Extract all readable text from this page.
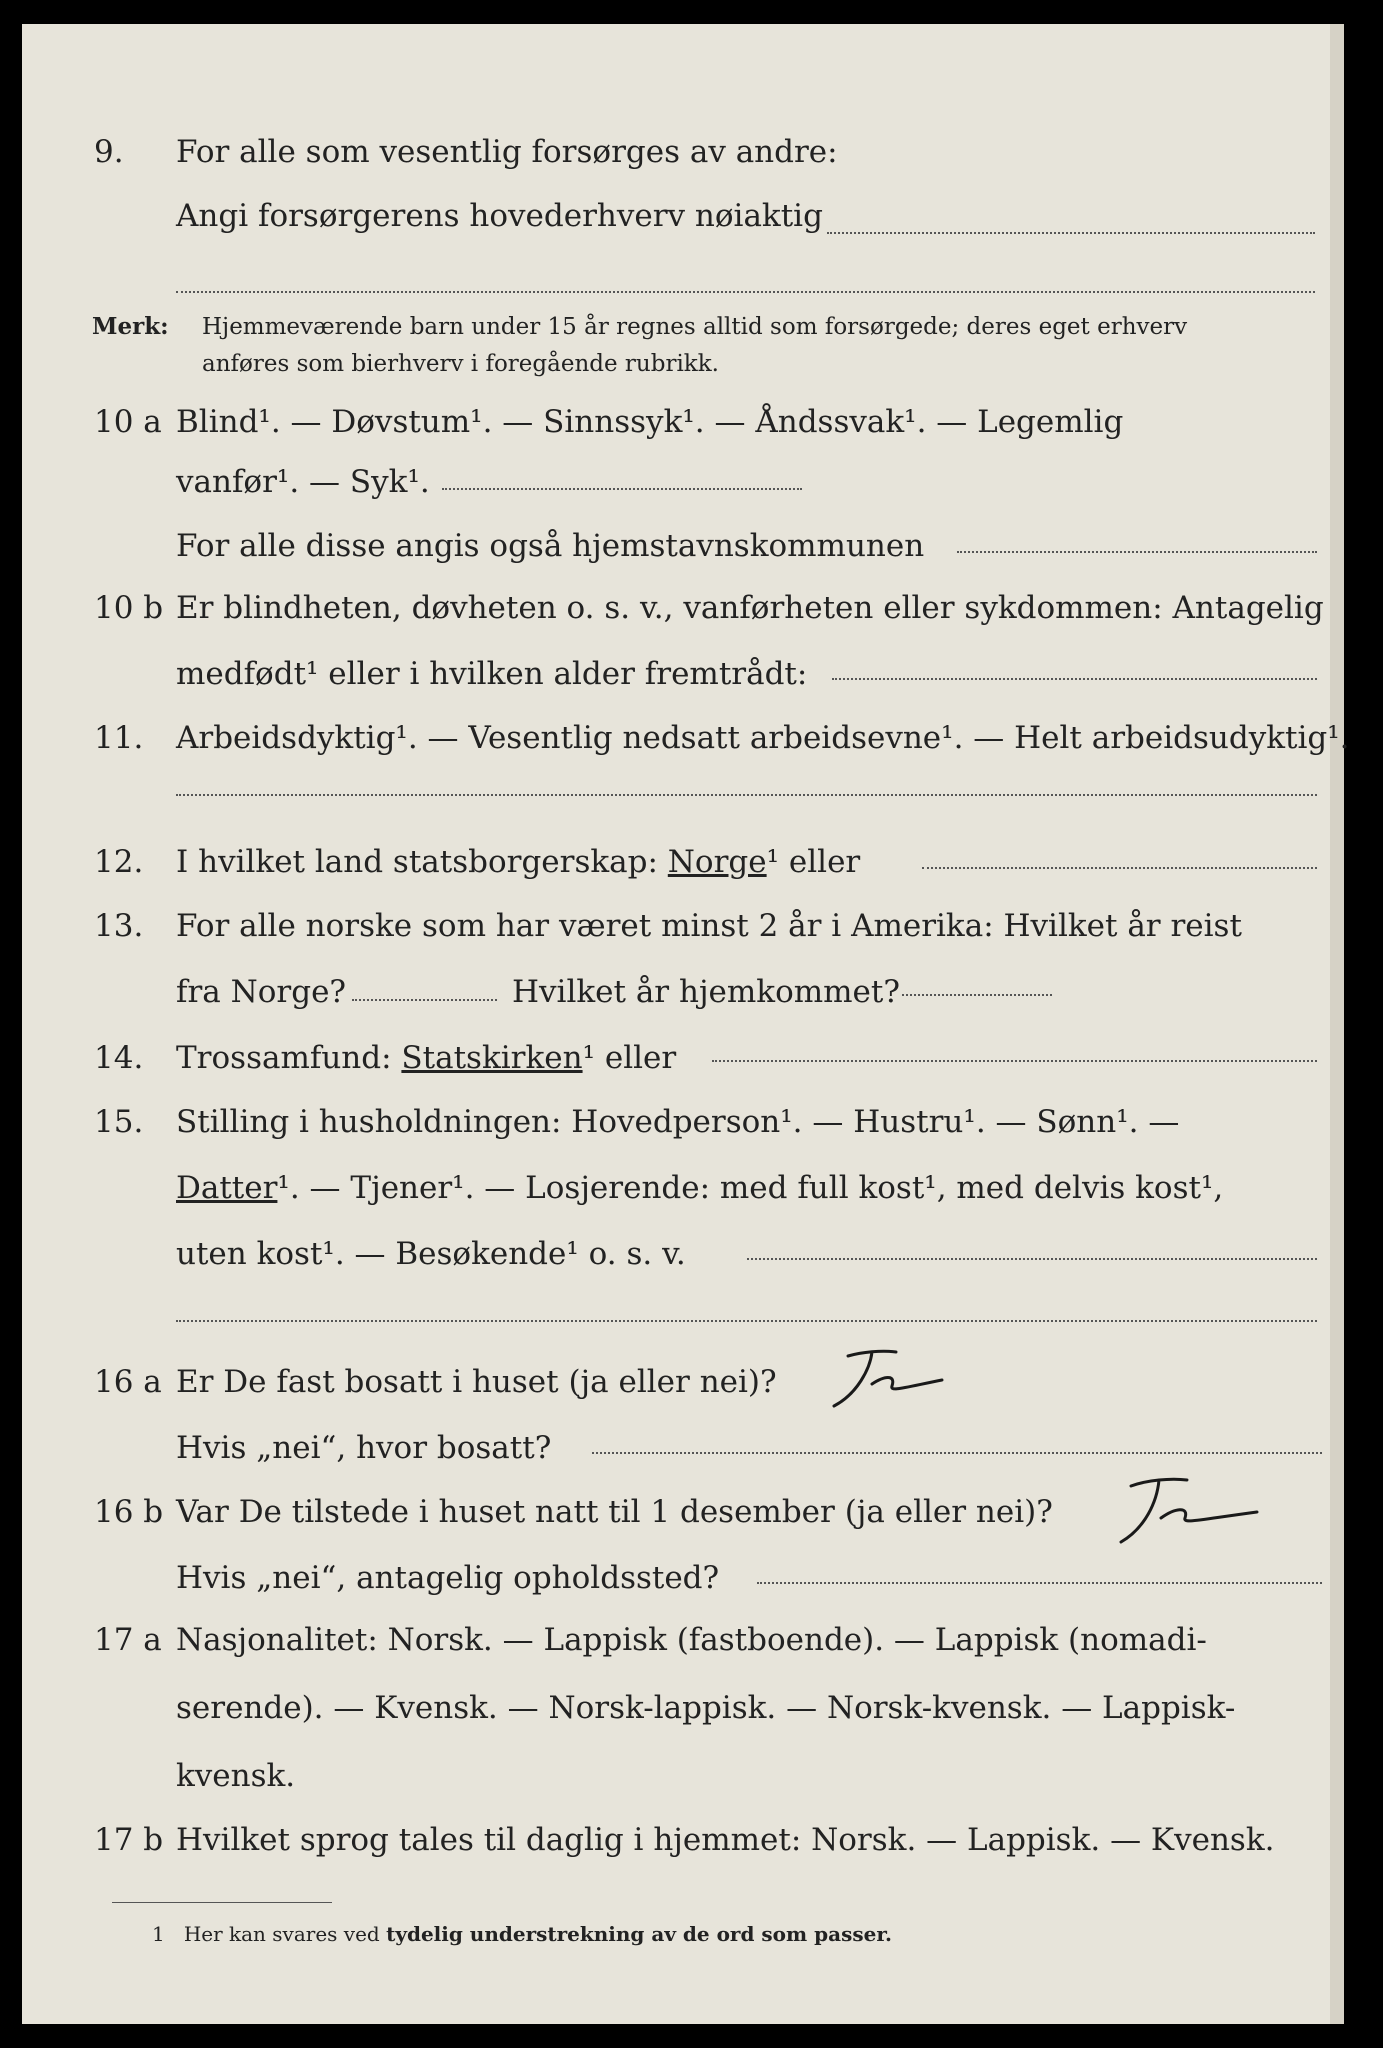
9. For alle som vesentlig forsørges av andre:
Angi forsørgerens hovederhverv nøiaktig
Merk: Hjemmeværende barn under 15 år regnes alltid som forsørgede; deres eget erhverv
anføres som bierhverv i foregående rubrikk.
10 a Blind¹. — Døvstum¹. — Sinnssyk¹. — Åndssvak¹. — Legemlig
vanfør¹. — Syk¹.
For alle disse angis også hjemstavnskommunen
10 b Er blindheten, døvheten o. s. v., vanførheten eller sykdommen: Antagelig
medfødt¹ eller i hvilken alder fremtrådt:
11. Arbeidsdyktig¹. — Vesentlig nedsatt arbeidsevne¹. — Helt arbeidsudyktig¹.
12. I hvilket land statsborgerskap: Norge¹ eller
13. For alle norske som har været minst 2 år i Amerika: Hvilket år reist
fra Norge?	Hvilket år hjemkommet?
14. Trossamfund: Statskirken¹ eller
15. Stilling i husholdningen: Hovedperson¹. — Hustru¹. — Sønn¹. —
Datter¹. — Tjener¹. — Losjerende: med full kost¹, med delvis kost¹,
uten kost¹. — Besøkende¹ o. s. v.
16 a Er De fast bosatt i huset (ja eller nei)?
Hvis „nei“, hvor bosatt?
16 b Var De tilstede i huset natt til 1 desember (ja eller nei)?
Hvis „nei“, antagelig opholdssted?
17 a Nasjonalitet: Norsk. — Lappisk (fastboende). — Lappisk (nomadi-
serende). — Kvensk. — Norsk-lappisk. — Norsk-kvensk. — Lappisk-
kvensk.
17 b Hvilket sprog tales til daglig i hjemmet: Norsk. — Lappisk. — Kvensk.
1 Her kan svares ved tydelig understrekning av de ord som passer.
